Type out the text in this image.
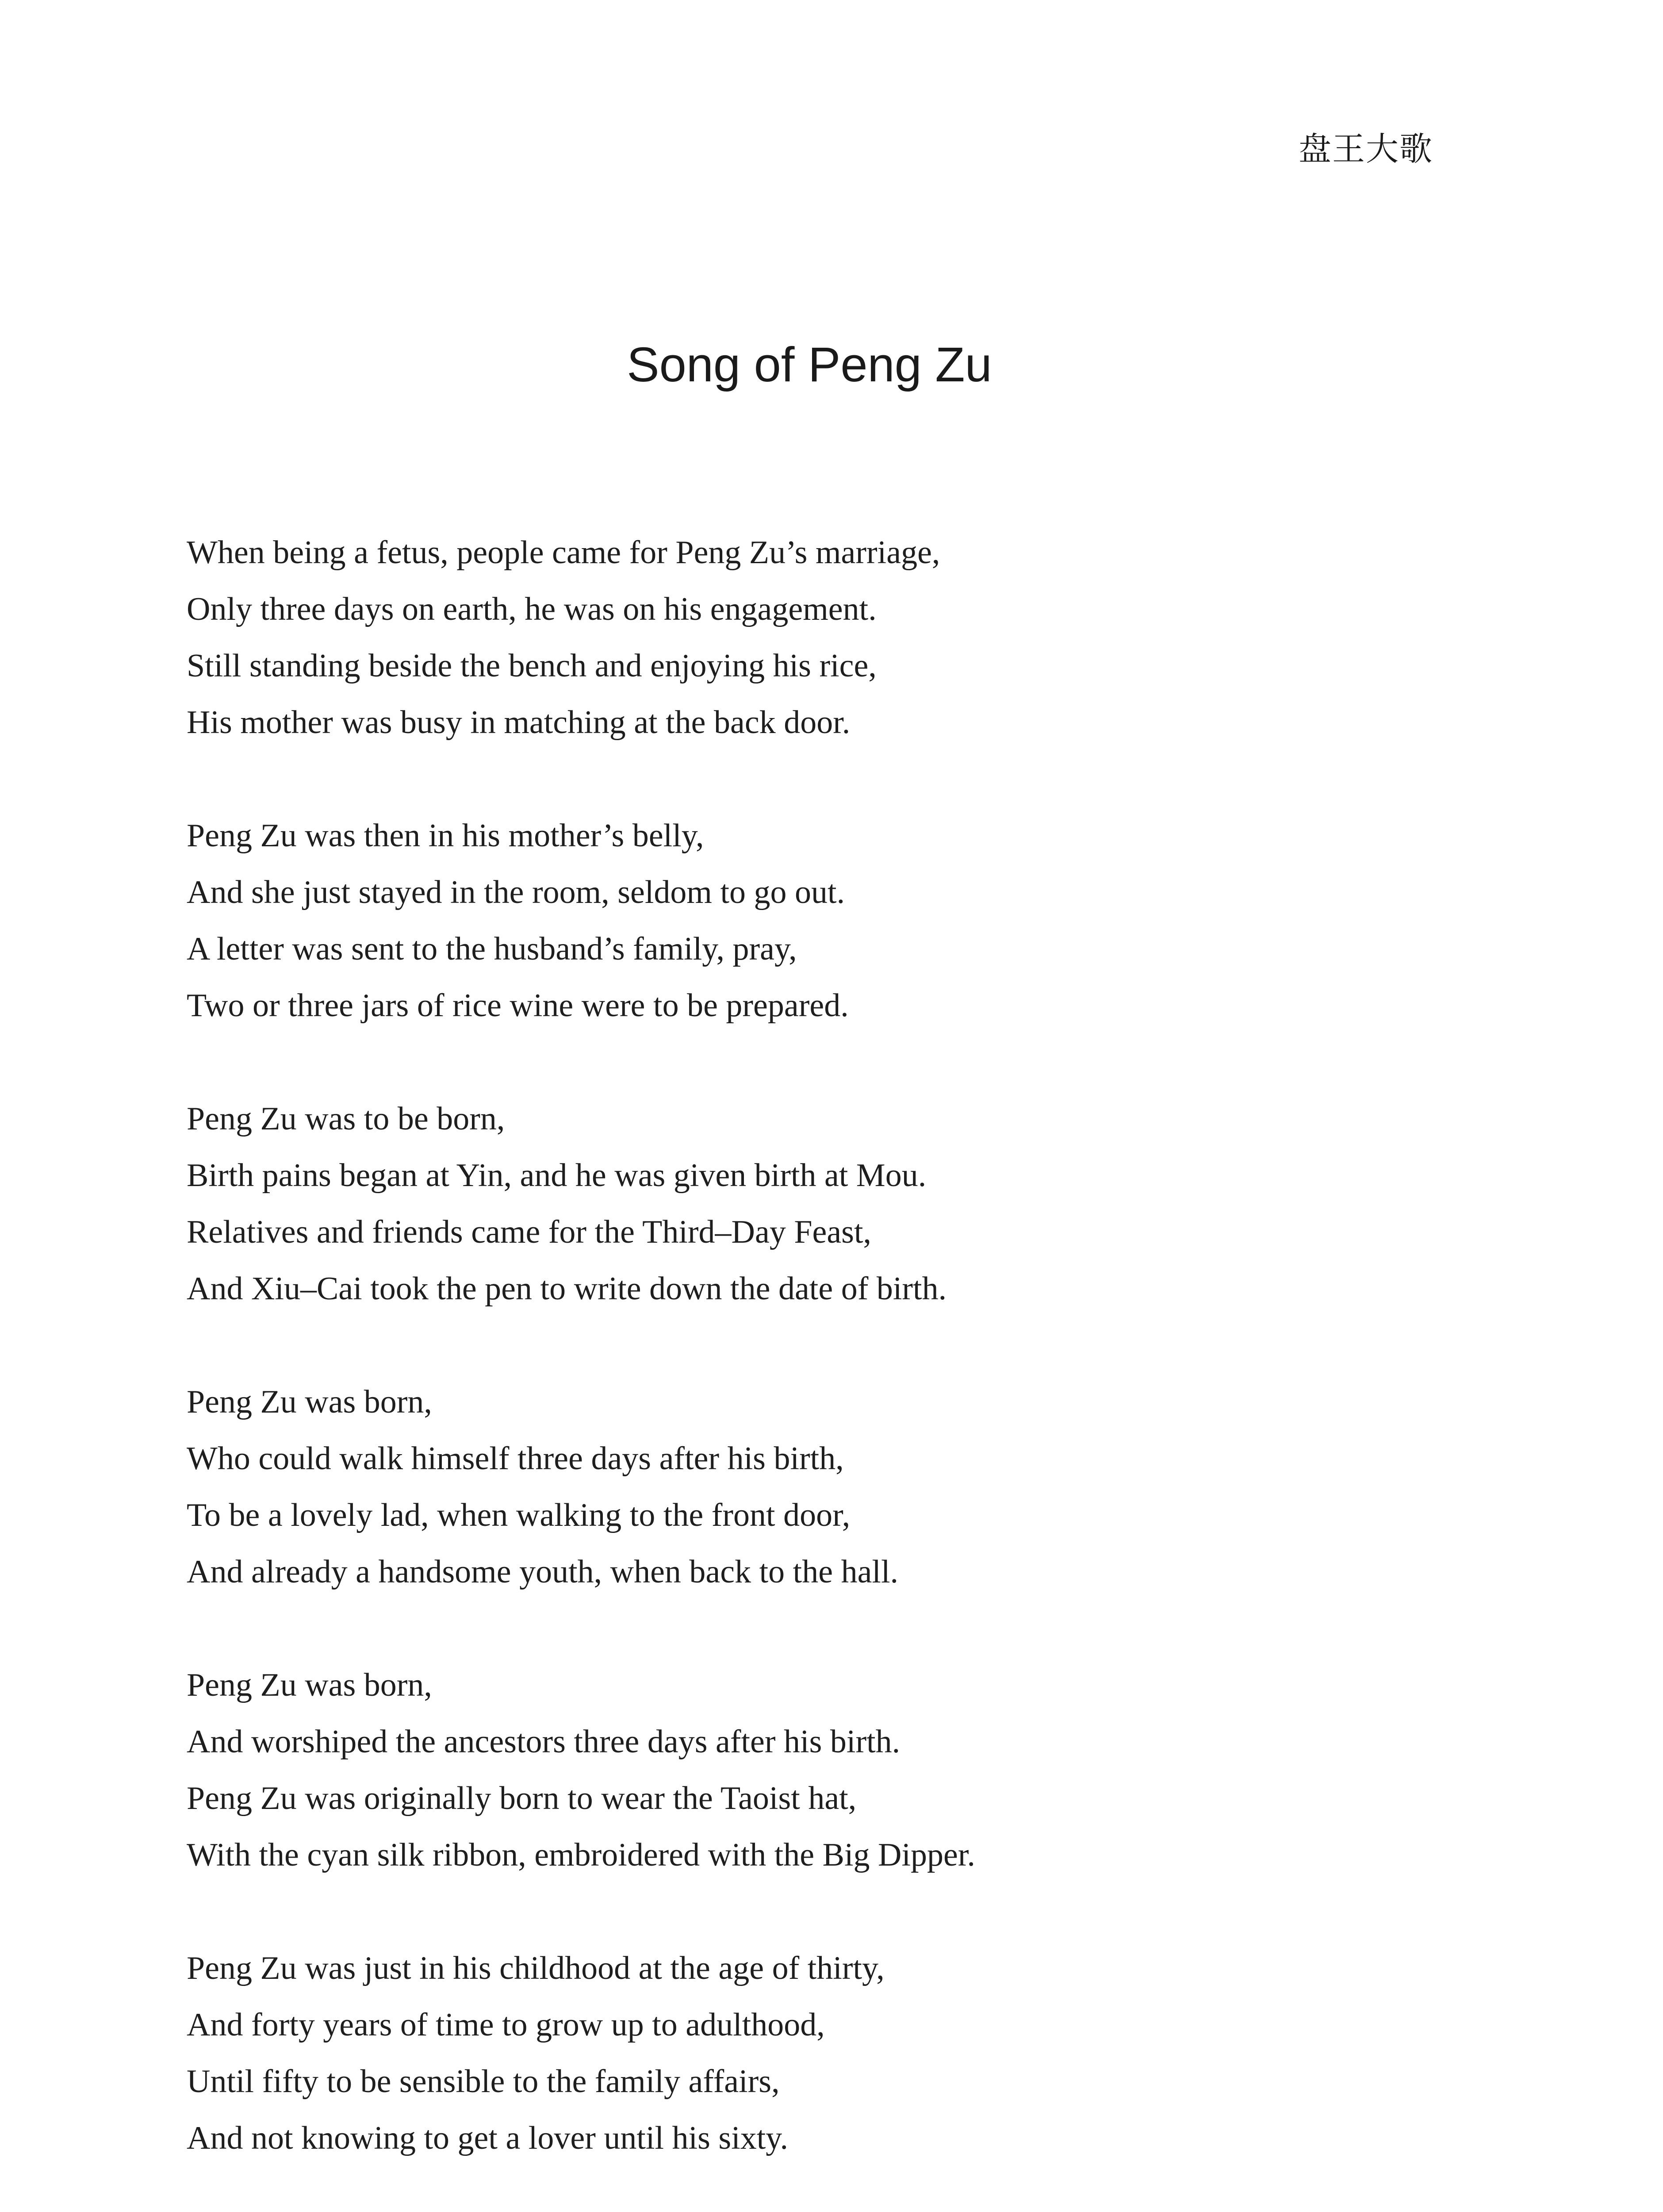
盘王大歌
Song of Peng Zu
When being a fetus, people came for Peng Zu’s marriage,
Only three days on earth, he was on his engagement.
Still standing beside the bench and enjoying his rice,
His mother was busy in matching at the back door.
Peng Zu was then in his mother’s belly,
And she just stayed in the room, seldom to go out.
A letter was sent to the husband’s family, pray,
Two or three jars of rice wine were to be prepared.
Peng Zu was to be born,
Birth pains began at Yin, and he was given birth at Mou.
Relatives and friends came for the Third–Day Feast,
And Xiu–Cai took the pen to write down the date of birth.
Peng Zu was born,
Who could walk himself three days after his birth,
To be a lovely lad, when walking to the front door,
And already a handsome youth, when back to the hall.
Peng Zu was born,
And worshiped the ancestors three days after his birth.
Peng Zu was originally born to wear the Taoist hat,
With the cyan silk ribbon, embroidered with the Big Dipper.
Peng Zu was just in his childhood at the age of thirty,
And forty years of time to grow up to adulthood,
Until fifty to be sensible to the family affairs,
And not knowing to get a lover until his sixty.
